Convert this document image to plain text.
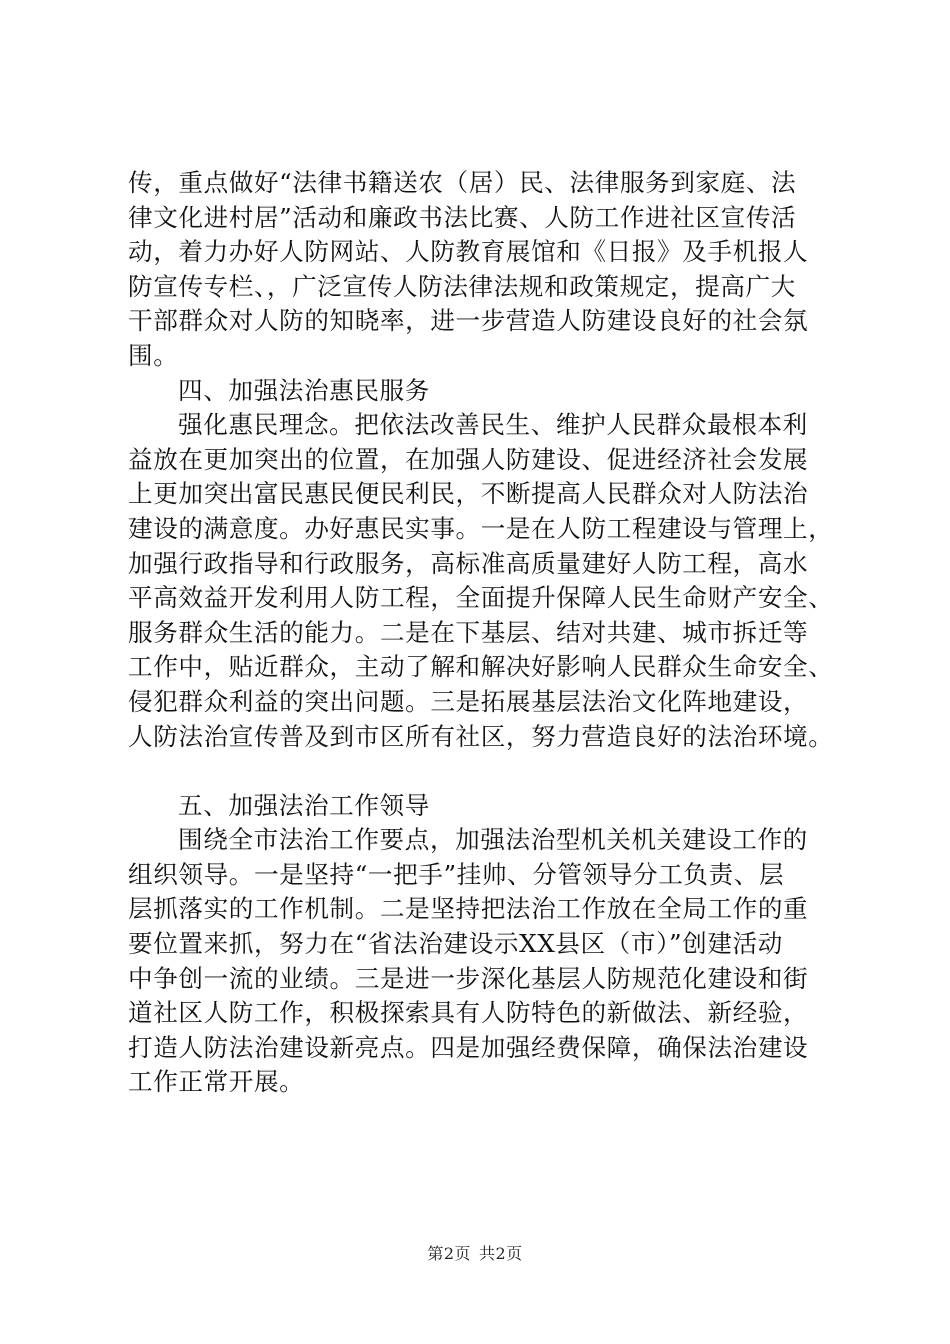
传，重点做好“法律书籍送农（居）民、法律服务到家庭、法
律文化进村居”活动和廉政书法比赛、人防工作进社区宣传活
动，着力办好人防网站、人防教育展馆和《日报》及手机报人
防宣传专栏、，广泛宣传人防法律法规和政策规定，提高广大
干部群众对人防的知晓率，进一步营造人防建设良好的社会氛
围。
四、加强法治惠民服务
强化惠民理念。把依法改善民生、维护人民群众最根本利
益放在更加突出的位置，在加强人防建设、促进经济社会发展
上更加突出富民惠民便民利民，不断提高人民群众对人防法治
建设的满意度。办好惠民实事。一是在人防工程建设与管理上，
加强行政指导和行政服务，高标准高质量建好人防工程，高水
平高效益开发利用人防工程，全面提升保障人民生命财产安全、
服务群众生活的能力。二是在下基层、结对共建、城市拆迁等
工作中，贴近群众，主动了解和解决好影响人民群众生命安全、
侵犯群众利益的突出问题。三是拓展基层法治文化阵地建设，
人防法治宣传普及到市区所有社区，努力营造良好的法治环境。
五、加强法治工作领导
围绕全市法治工作要点，加强法治型机关机关建设工作的
组织领导。一是坚持“一把手”挂帅、分管领导分工负责、层
层抓落实的工作机制。二是坚持把法治工作放在全局工作的重
要位置来抓，努力在“省法治建设示XX县区（市）”创建活动
中争创一流的业绩。三是进一步深化基层人防规范化建设和街
道社区人防工作，积极探索具有人防特色的新做法、新经验，
打造人防法治建设新亮点。四是加强经费保障，确保法治建设
工作正常开展。
第2页 共2页
